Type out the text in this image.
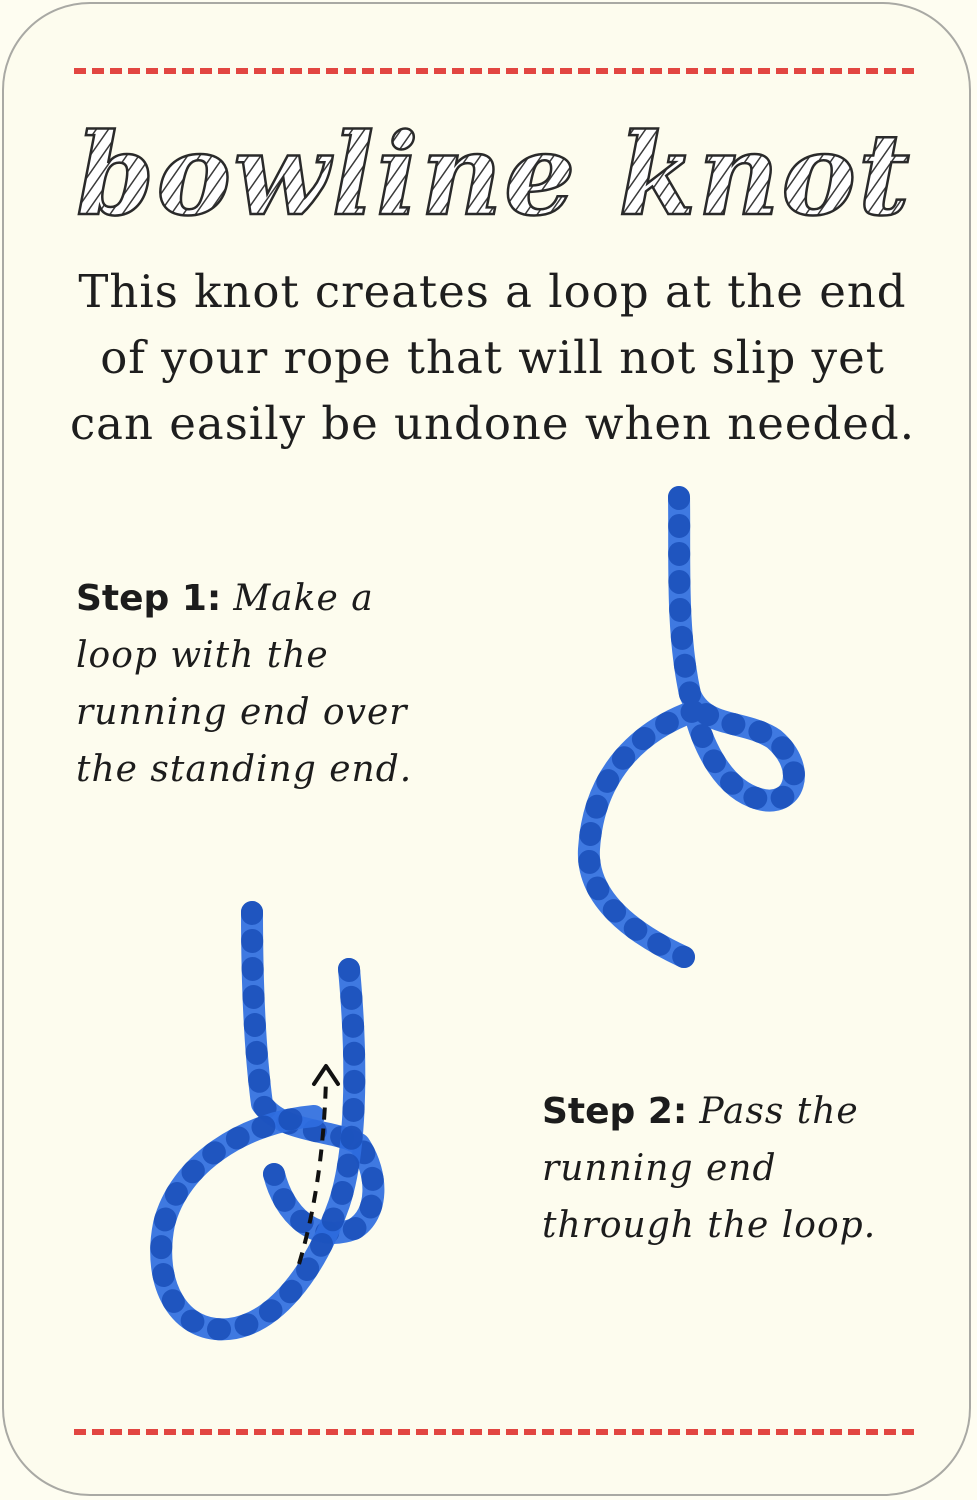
bowline knot

This knot creates a loop at the end of your rope that will not slip yet can easily be undone when needed.

Step 1: Make a loop with the running end over the standing end.

Step 2: Pass the running end through the loop.
